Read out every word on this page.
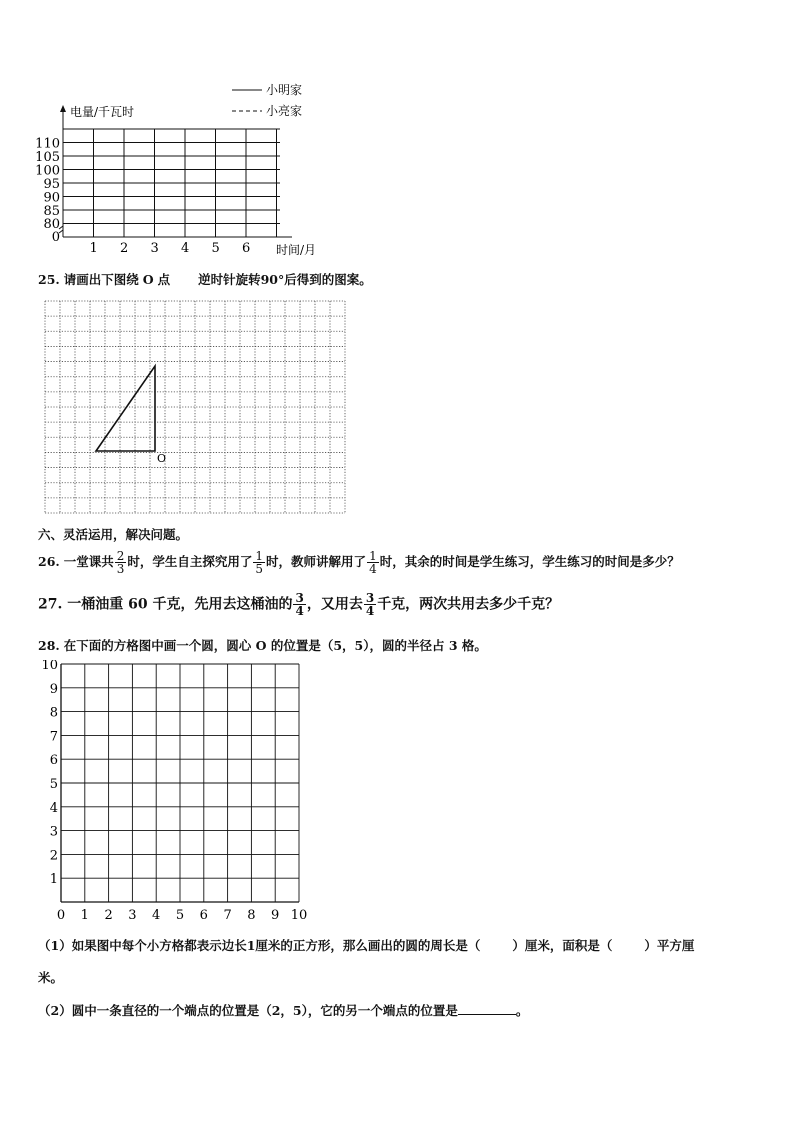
1 2 3 4 5 6
0
80
85
90
95
100
105
110
小明家
小亮家
电量/千瓦时
时间/月
25. 请画出下图绕 O 点 逆时针旋转90°后得到的图案。
O
六、灵活运用，解决问题。
26. 一堂课共 $\frac{2}{3}$ 时，学生自主探究用了 $\frac{1}{5}$ 时，教师讲解用了 $\frac{1}{4}$ 时，其余的时间是学生练习，学生练习的时间是多少？
27. 一桶油重 60 千克，先用去这桶油的 $\frac{3}{4}$ ，又用去 $\frac{3}{4}$ 千克，两次共用去多少千克？
28. 在下面的方格图中画一个圆，圆心 O 的位置是（5，5），圆的半径占 3 格。
0 1 2 3 4 5 6 7 8 9 10
1
2
3
4
5
6
7
8
9
10
（1）如果图中每个小方格都表示边长1厘米的正方形，那么画出的圆的周长是（	）厘米，面积是（	）平方厘
米。
（2）圆中一条直径的一个端点的位置是（2，5），它的另一个端点的位置是	。
